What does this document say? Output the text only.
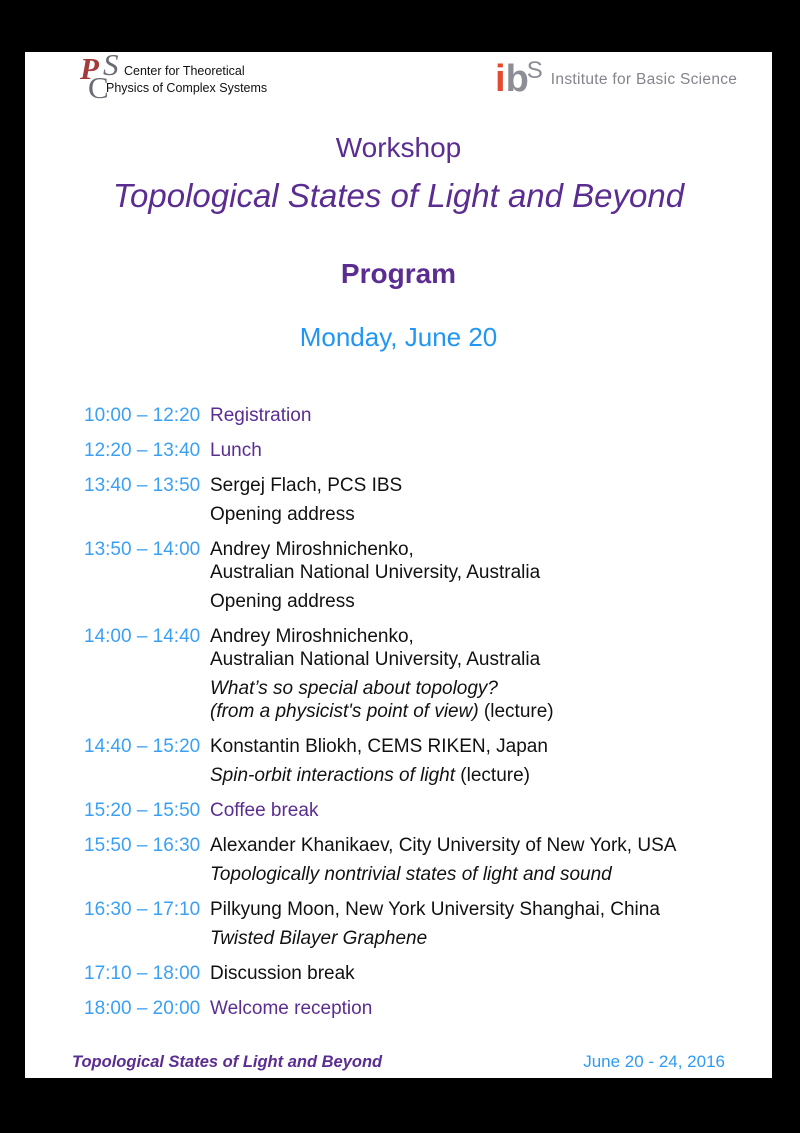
P S
C Center for Theoretical
Physics of Complex Systems	ibS Institute for Basic Science
Workshop
Topological States of Light and Beyond
Program
Monday, June 20
10:00 – 12:20 Registration
12:20 – 13:40 Lunch
13:40 – 13:50 Sergej Flach, PCS IBS
Opening address
13:50 – 14:00 Andrey Miroshnichenko,
Australian National University, Australia
Opening address
14:00 – 14:40 Andrey Miroshnichenko,
Australian National University, Australia
What’s so special about topology?
(from a physicist's point of view) (lecture)
14:40 – 15:20 Konstantin Bliokh, CEMS RIKEN, Japan
Spin-orbit interactions of light (lecture)
15:20 – 15:50 Coffee break
15:50 – 16:30 Alexander Khanikaev, City University of New York, USA
Topologically nontrivial states of light and sound
16:30 – 17:10 Pilkyung Moon, New York University Shanghai, China
Twisted Bilayer Graphene
17:10 – 18:00 Discussion break
18:00 – 20:00 Welcome reception
Topological States of Light and Beyond	June 20 - 24, 2016
